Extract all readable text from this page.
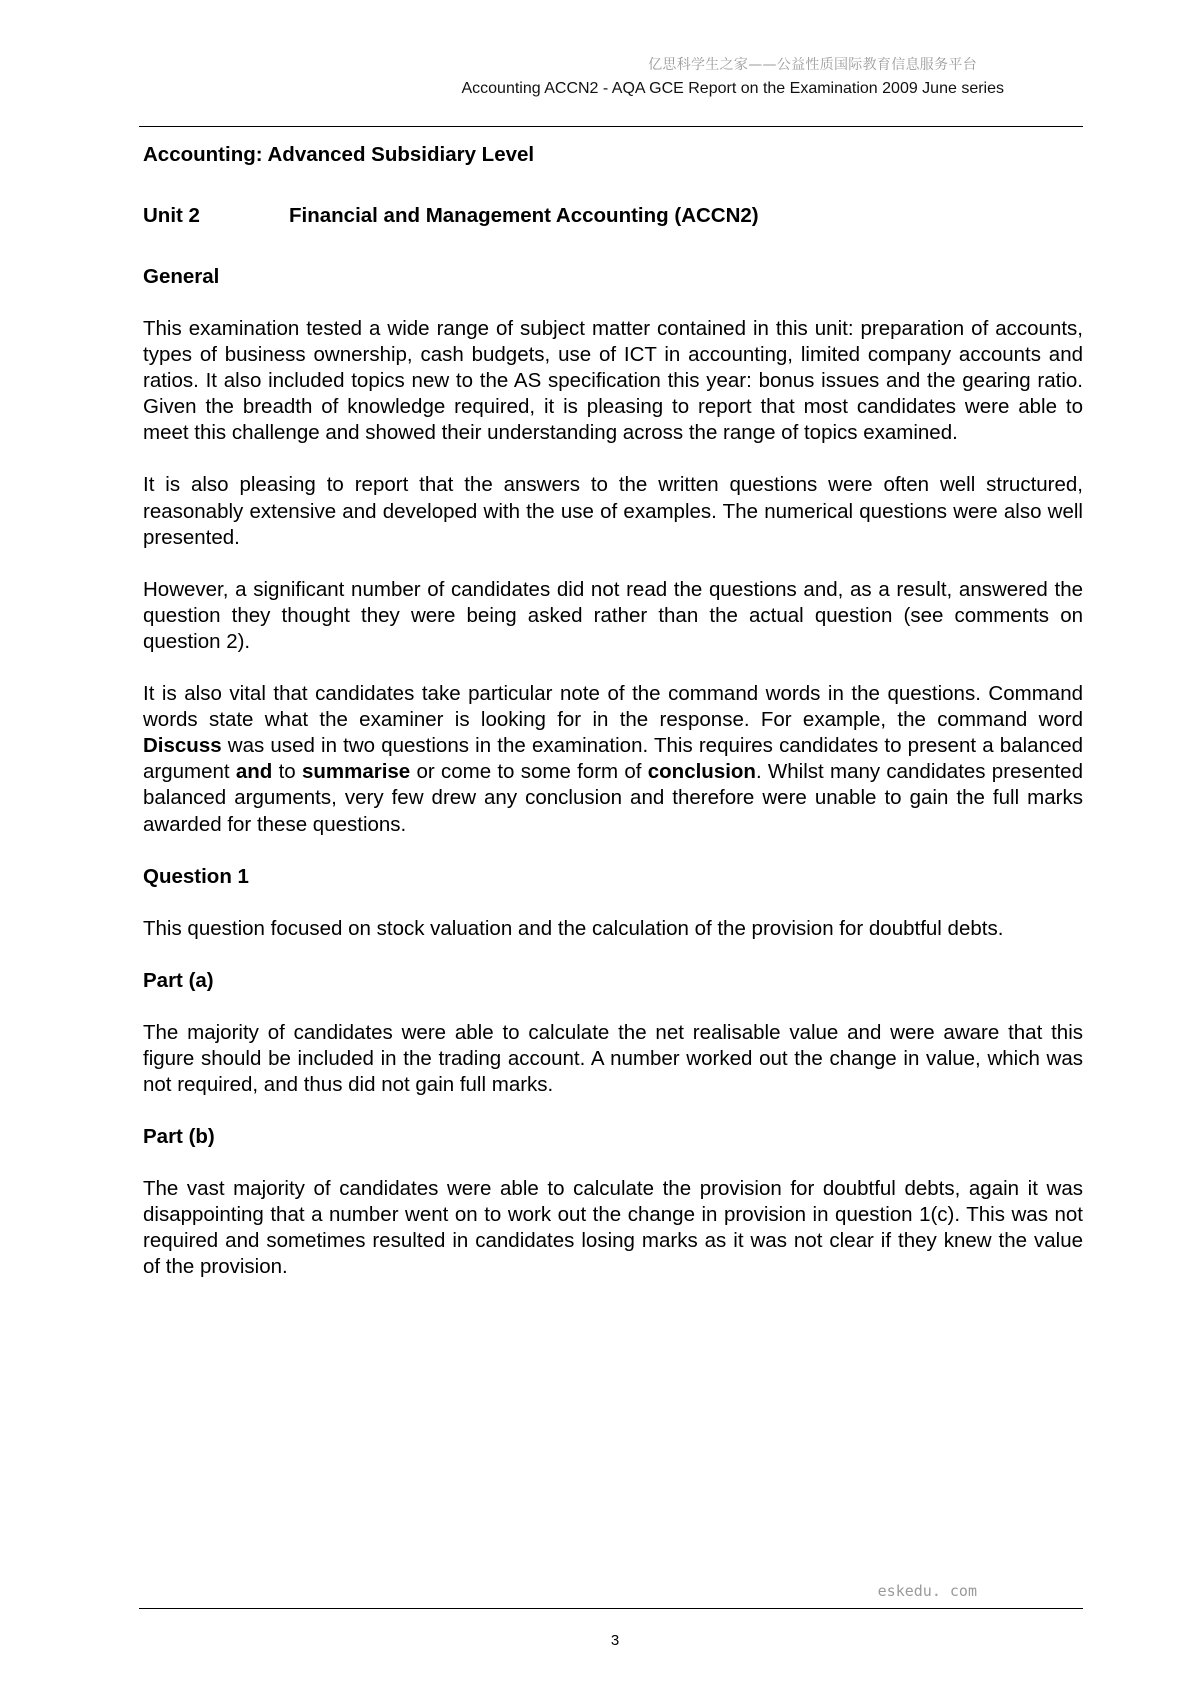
亿思科学生之家——公益性质国际教育信息服务平台
Accounting ACCN2 - AQA GCE Report on the Examination 2009 June series

Accounting: Advanced Subsidiary Level

Unit 2	Financial and Management Accounting (ACCN2)

General

This examination tested a wide range of subject matter contained in this unit: preparation of accounts, types of business ownership, cash budgets, use of ICT in accounting, limited company accounts and ratios. It also included topics new to the AS specification this year: bonus issues and the gearing ratio. Given the breadth of knowledge required, it is pleasing to report that most candidates were able to meet this challenge and showed their understanding across the range of topics examined.

It is also pleasing to report that the answers to the written questions were often well structured, reasonably extensive and developed with the use of examples. The numerical questions were also well presented.

However, a significant number of candidates did not read the questions and, as a result, answered the question they thought they were being asked rather than the actual question (see comments on question 2).

It is also vital that candidates take particular note of the command words in the questions. Command words state what the examiner is looking for in the response. For example, the command word Discuss was used in two questions in the examination. This requires candidates to present a balanced argument and to summarise or come to some form of conclusion. Whilst many candidates presented balanced arguments, very few drew any conclusion and therefore were unable to gain the full marks awarded for these questions.

Question 1

This question focused on stock valuation and the calculation of the provision for doubtful debts.

Part (a)

The majority of candidates were able to calculate the net realisable value and were aware that this figure should be included in the trading account. A number worked out the change in value, which was not required, and thus did not gain full marks.

Part (b)

The vast majority of candidates were able to calculate the provision for doubtful debts, again it was disappointing that a number went on to work out the change in provision in question 1(c). This was not required and sometimes resulted in candidates losing marks as it was not clear if they knew the value of the provision.

eskedu. com
3
